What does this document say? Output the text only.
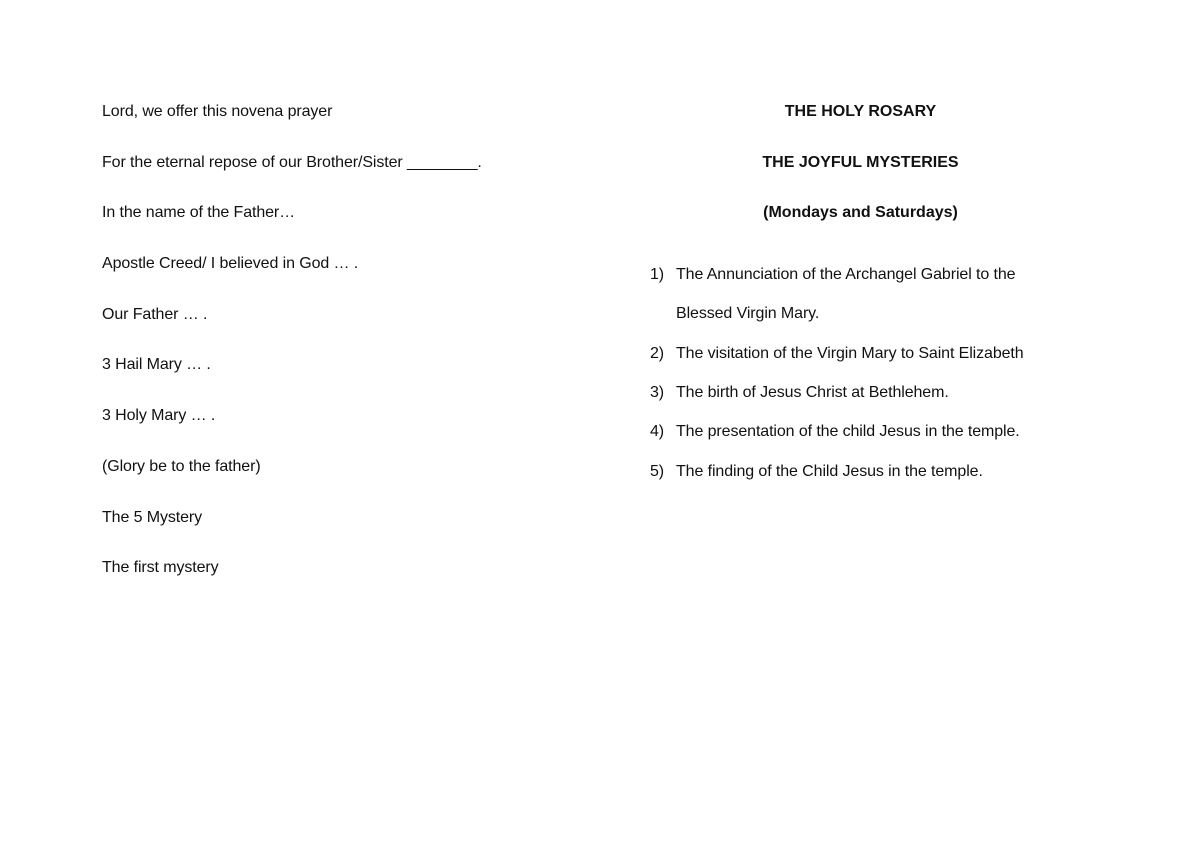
Lord, we offer this novena prayer
For the eternal repose of our Brother/Sister ________.
In the name of the Father…
Apostle Creed/ I believed in God … .
Our Father … .
3 Hail Mary … .
3 Holy Mary … .
(Glory be to the father)
The 5 Mystery
The first mystery
THE HOLY ROSARY
THE JOYFUL MYSTERIES
(Mondays and Saturdays)
1) The Annunciation of the Archangel Gabriel to the Blessed Virgin Mary.
2) The visitation of the Virgin Mary to Saint Elizabeth
3) The birth of Jesus Christ at Bethlehem.
4) The presentation of the child Jesus in the temple.
5) The finding of the Child Jesus in the temple.
